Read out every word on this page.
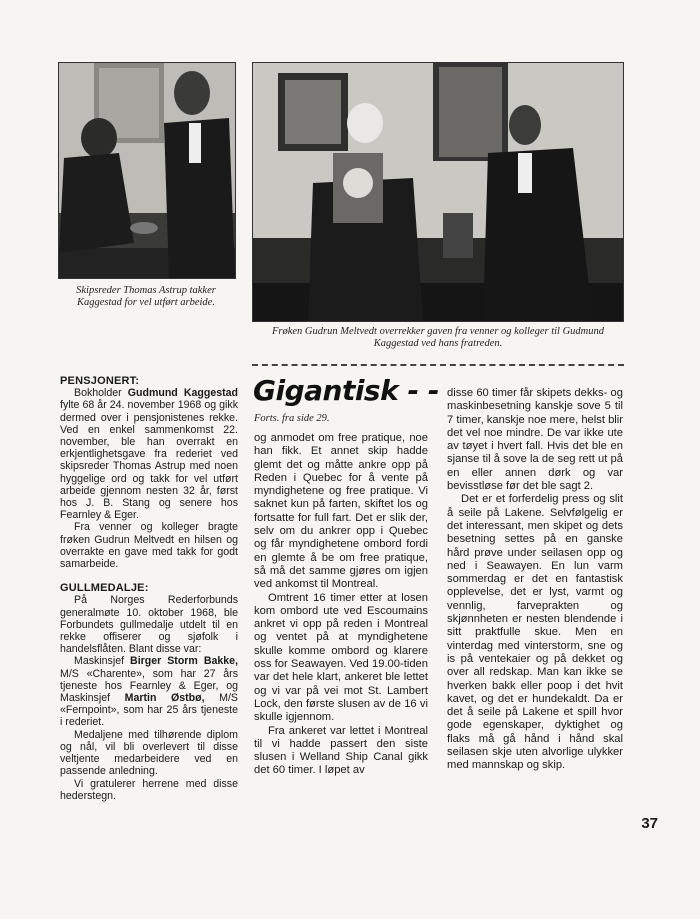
Skipsreder Thomas Astrup takker Kaggestad for vel utført arbeide.
Frøken Gudrun Meltvedt overrekker gaven fra venner og kolleger til Gudmund Kaggestad ved hans fratreden.

PENSJONERT:

Bokholder Gudmund Kaggestad fylte 68 år 24. november 1968 og gikk dermed over i pensjonistenes rekke. Ved en enkel sammenkomst 22. november, ble han overrakt en erkjentlighetsgave fra rederiet ved skipsreder Thomas Astrup med noen hyggelige ord og takk for vel utført arbeide gjennom nesten 32 år, først hos J. B. Stang og senere hos Fearnley & Eger.

Fra venner og kolleger bragte frøken Gudrun Meltvedt en hilsen og overrakte en gave med takk for godt samarbeide.

GULLMEDALJE:

På Norges Rederforbunds generalmøte 10. oktober 1968, ble Forbundets gullmedalje utdelt til en rekke offiserer og sjøfolk i handelsflåten. Blant disse var:

Maskinsjef Birger Storm Bakke, M/S «Charente», som har 27 års tjeneste hos Fearnley & Eger, og Maskinsjef Martin Østbø, M/S «Fernpoint», som har 25 års tjeneste i rederiet.

Medaljene med tilhørende diplom og nål, vil bli overlevert til disse veltjente medarbeidere ved en passende anledning.

Vi gratulerer herrene med disse hederstegn.

Gigantisk - -
Forts. fra side 29.

og anmodet om free pratique, noe han fikk. Et annet skip hadde glemt det og måtte ankre opp på Reden i Quebec for å vente på myndighetene og free pratique. Vi saknet kun på farten, skiftet los og fortsatte for full fart. Det er slik der, selv om du ankrer opp i Quebec og får myndighetene ombord fordi en glemte å be om free pratique, så må det samme gjøres om igjen ved ankomst til Montreal.

Omtrent 16 timer etter at losen kom ombord ute ved Escoumains ankret vi opp på reden i Montreal og ventet på at myndighetene skulle komme ombord og klarere oss for Seawayen. Ved 19.00-tiden var det hele klart, ankeret ble lettet og vi var på vei mot St. Lambert Lock, den første slusen av de 16 vi skulle igjennom.

Fra ankeret var lettet i Montreal til vi hadde passert den siste slusen i Welland Ship Canal gikk det 60 timer. I løpet av

disse 60 timer får skipets dekks- og maskinbesetning kanskje sove 5 til 7 timer, kanskje noe mere, helst blir det vel noe mindre. De var ikke ute av tøyet i hvert fall. Hvis det ble en sjanse til å sove la de seg rett ut på en eller annen dørk og var bevisstløse før det ble sagt 2.

Det er et forferdelig press og slit å seile på Lakene. Selvfølgelig er det interessant, men skipet og dets besetning settes på en ganske hård prøve under seilasen opp og ned i Seawayen. En lun varm sommerdag er det en fantastisk opplevelse, det er lyst, varmt og vennlig, farveprakten og skjønnheten er nesten blendende i sitt praktfulle skue. Men en vinterdag med vinterstorm, sne og is på ventekaier og på dekket og over all redskap. Man kan ikke se hverken bakk eller poop i det hvit kavet, og det er hundekaldt. Da er det å seile på Lakene et spill hvor gode egenskaper, dyktighet og flaks må gå hånd i hånd skal seilasen skje uten alvorlige ulykker med mannskap og skip.

37
